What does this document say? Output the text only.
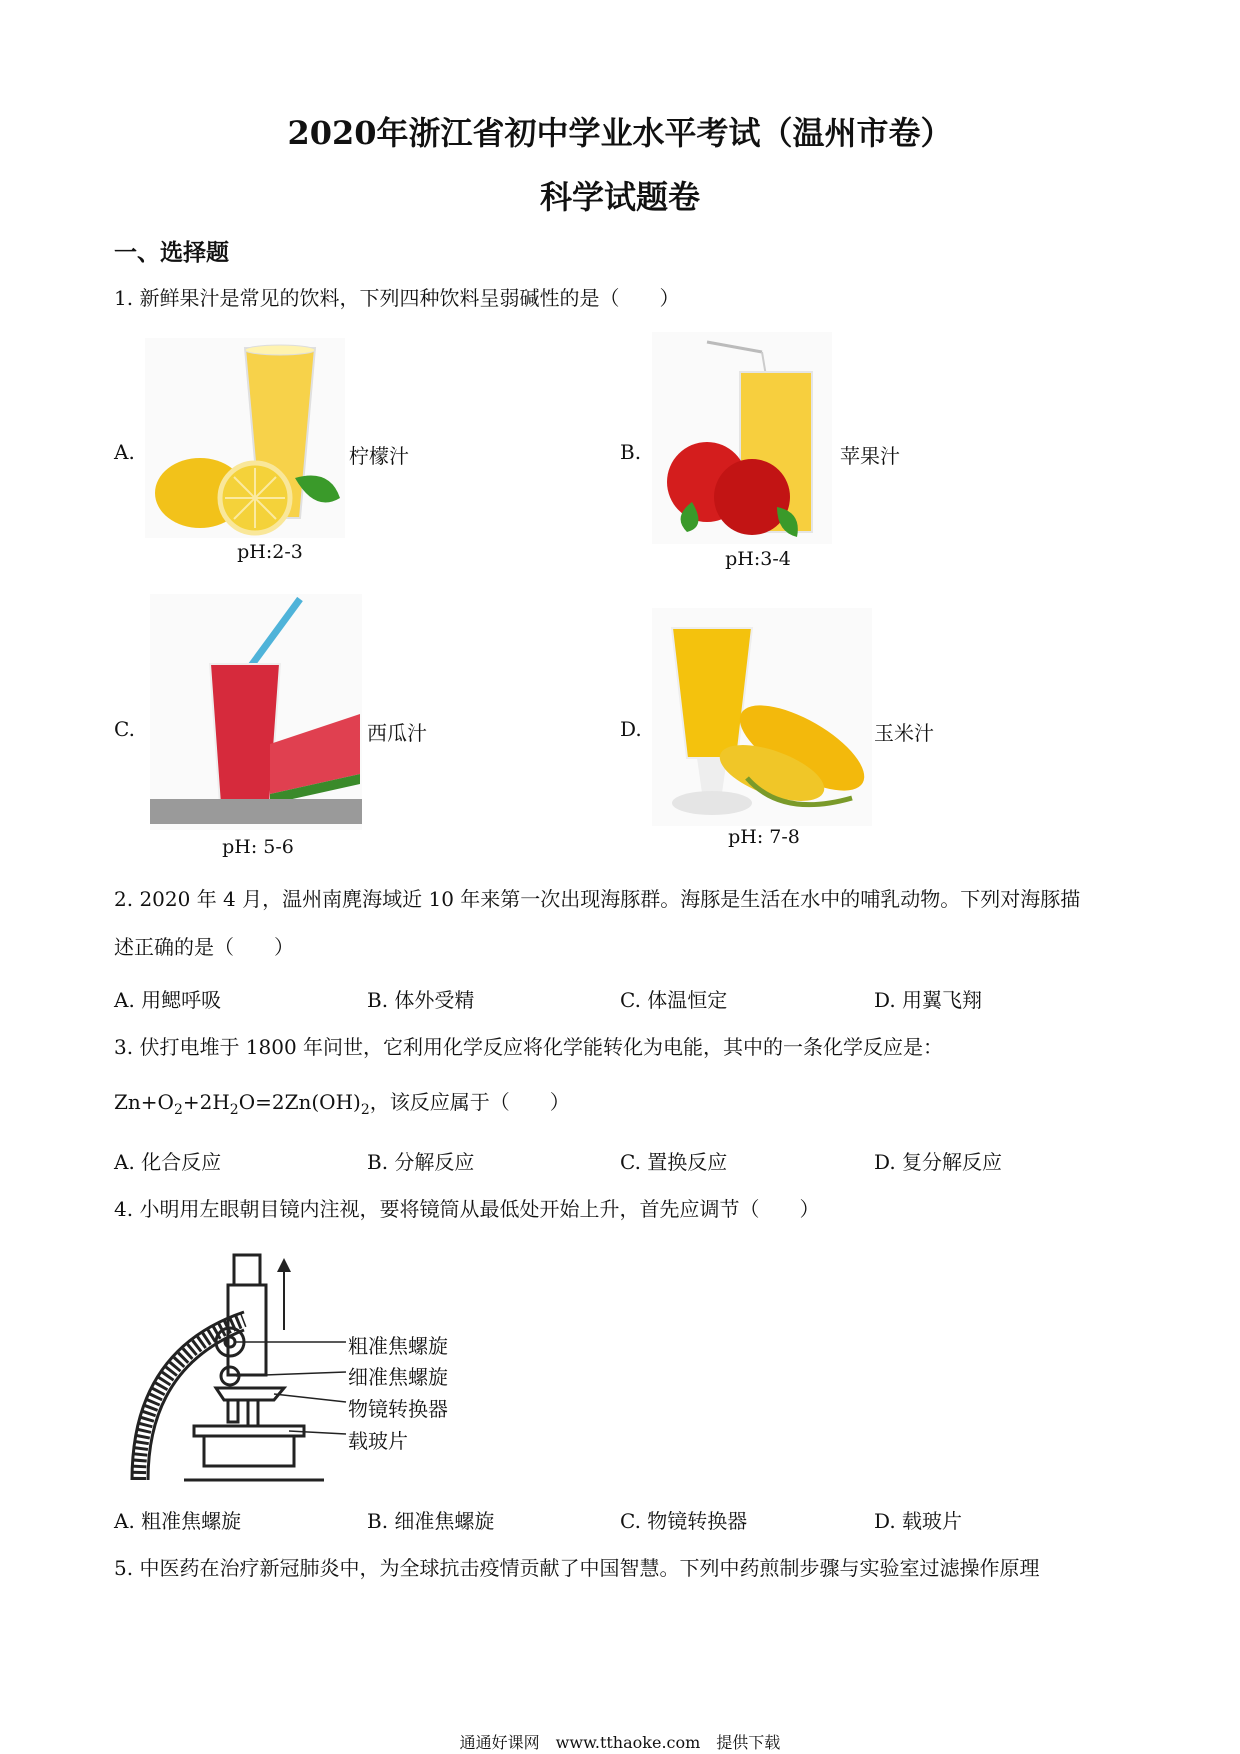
2020年浙江省初中学业水平考试（温州市卷）
科学试题卷
一、选择题
1. 新鲜果汁是常见的饮料，下列四种饮料呈弱碱性的是（　　）
A.	柠檬汁
pH:2-3
B.	苹果汁
pH:3-4
C.	西瓜汁
pH: 5-6
D.	玉米汁
pH: 7-8
2. 2020 年 4 月，温州南麂海域近 10 年来第一次出现海豚群。海豚是生活在水中的哺乳动物。下列对海豚描
述正确的是（　　）
A. 用鳃呼吸	B. 体外受精	C. 体温恒定	D. 用翼飞翔
3. 伏打电堆于 1800 年问世，它利用化学反应将化学能转化为电能，其中的一条化学反应是：
$Zn+O_2+2H_2O=2Zn(OH)_2$，该反应属于（　　）
A. 化合反应	B. 分解反应	C. 置换反应	D. 复分解反应
4. 小明用左眼朝目镜内注视，要将镜筒从最低处开始上升，首先应调节（　　）
粗准焦螺旋
细准焦螺旋
物镜转换器
载玻片
A. 粗准焦螺旋	B. 细准焦螺旋	C. 物镜转换器	D. 载玻片
5. 中医药在治疗新冠肺炎中，为全球抗击疫情贡献了中国智慧。下列中药煎制步骤与实验室过滤操作原理
通通好课网　www.tthaoke.com　提供下载
